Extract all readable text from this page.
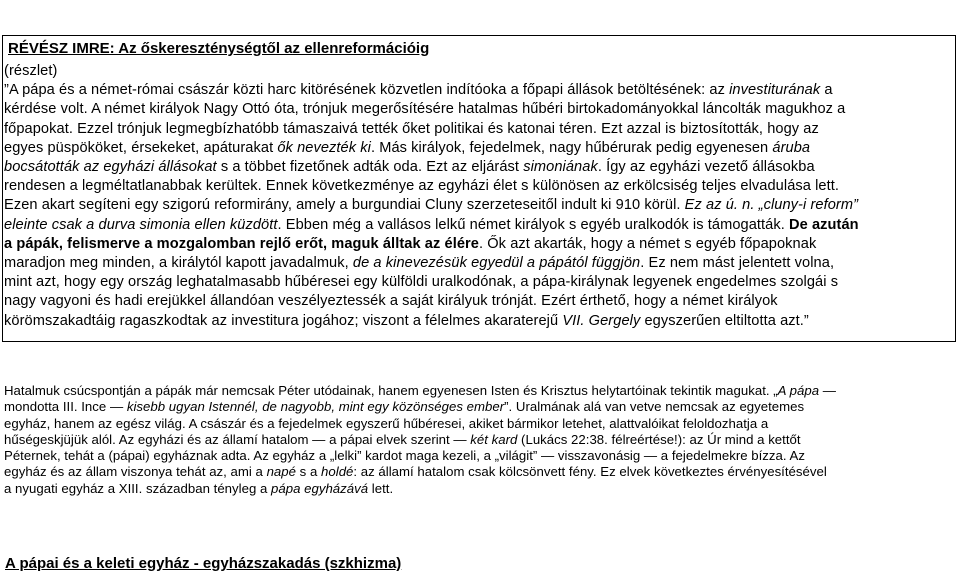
RÉVÉSZ IMRE: Az őskereszténységtől az ellenreformációig
(részlet)
”A pápa és a német-római császár közti harc kitörésének közvetlen indítóoka a főpapi állások betöltésének: az investiturának a
kérdése volt. A német királyok Nagy Ottó óta, trónjuk megerősítésére hatalmas hűbéri birtokadományokkal láncolták magukhoz a
főpapokat. Ezzel trónjuk legmegbízhatóbb támaszaivá tették őket politikai és katonai téren. Ezt azzal is biztosították, hogy az
egyes püspököket, érsekeket, apáturakat ők nevezték ki. Más királyok, fejedelmek, nagy hűbérurak pedig egyenesen áruba
bocsátották az egyházi állásokat s a többet fizetőnek adták oda. Ezt az eljárást simoniának. Így az egyházi vezető állásokba
rendesen a legméltatlanabbak kerültek. Ennek következménye az egyházi élet s különösen az erkölcsiség teljes elvadulása lett.
Ezen akart segíteni egy szigorú reformirány, amely a burgundiai Cluny szerzeteseitől indult ki 910 körül. Ez az ú. n. „cluny-i reform”
eleinte csak a durva simonia ellen küzdött. Ebben még a vallásos lelkű német királyok s egyéb uralkodók is támogatták. De azután
a pápák, felismerve a mozgalomban rejlő erőt, maguk álltak az élére. Ők azt akarták, hogy a német s egyéb főpapoknak
maradjon meg minden, a királytól kapott javadalmuk, de a kinevezésük egyedül a pápától függjön. Ez nem mást jelentett volna,
mint azt, hogy egy ország leghatalmasabb hűbéresei egy külföldi uralkodónak, a pápa-királynak legyenek engedelmes szolgái s
nagy vagyoni és hadi erejükkel állandóan veszélyeztessék a saját királyuk trónját. Ezért érthető, hogy a német királyok
körömszakadtáig ragaszkodtak az investitura jogához; viszont a félelmes akaraterejű VII. Gergely egyszerűen eltiltotta azt.”
Hatalmuk csúcspontján a pápák már nemcsak Péter utódainak, hanem egyenesen Isten és Krisztus helytartóinak tekintik magukat. „A pápa —
mondotta III. Ince — kisebb ugyan Istennél, de nagyobb, mint egy közönséges ember”. Uralmának alá van vetve nemcsak az egyetemes
egyház, hanem az egész világ. A császár és a fejedelmek egyszerű hűbéresei, akiket bármikor letehet, alattvalóikat feloldozhatja a
hűségeskjüjük alól. Az egyházi és az államí hatalom — a pápai elvek szerint — két kard (Lukács 22:38. félreértése!): az Úr mind a kettőt
Péternek, tehát a (pápai) egyháznak adta. Az egyház a „lelki” kardot maga kezeli, a „világit” — visszavonásig — a fejedelmekre bízza. Az
egyház és az állam viszonya tehát az, ami a napé s a holdé: az államí hatalom csak kölcsönvett fény. Ez elvek következtes érvényesítésével
a nyugati egyház a XIII. században tényleg a pápa egyházává lett.
A pápai és a keleti egyház - egyházszakadás (szkhizma)
